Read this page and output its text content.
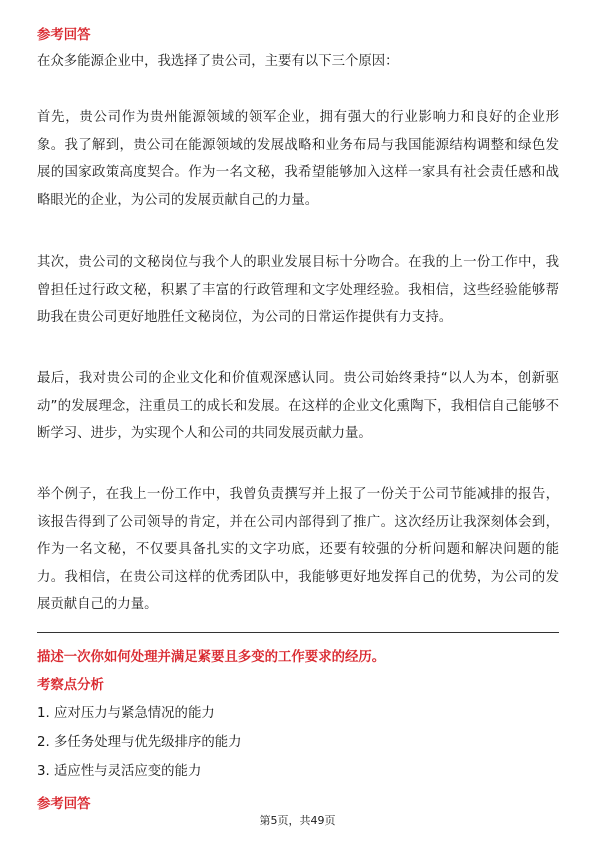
参考回答
在众多能源企业中，我选择了贵公司，主要有以下三个原因：
首先，贵公司作为贵州能源领域的领军企业，拥有强大的行业影响力和良好的企业形象。我了解到，贵公司在能源领域的发展战略和业务布局与我国能源结构调整和绿色发展的国家政策高度契合。作为一名文秘，我希望能够加入这样一家具有社会责任感和战略眼光的企业，为公司的发展贡献自己的力量。
其次，贵公司的文秘岗位与我个人的职业发展目标十分吻合。在我的上一份工作中，我曾担任过行政文秘，积累了丰富的行政管理和文字处理经验。我相信，这些经验能够帮助我在贵公司更好地胜任文秘岗位，为公司的日常运作提供有力支持。
最后，我对贵公司的企业文化和价值观深感认同。贵公司始终秉持“以人为本，创新驱动”的发展理念，注重员工的成长和发展。在这样的企业文化熏陶下，我相信自己能够不断学习、进步，为实现个人和公司的共同发展贡献力量。
举个例子，在我上一份工作中，我曾负责撰写并上报了一份关于公司节能减排的报告，该报告得到了公司领导的肯定，并在公司内部得到了推广。这次经历让我深刻体会到，作为一名文秘，不仅要具备扎实的文字功底，还要有较强的分析问题和解决问题的能力。我相信，在贵公司这样的优秀团队中，我能够更好地发挥自己的优势，为公司的发展贡献自己的力量。
描述一次你如何处理并满足紧要且多变的工作要求的经历。
考察点分析
1. 应对压力与紧急情况的能力
2. 多任务处理与优先级排序的能力
3. 适应性与灵活应变的能力
参考回答
第5页，共49页
